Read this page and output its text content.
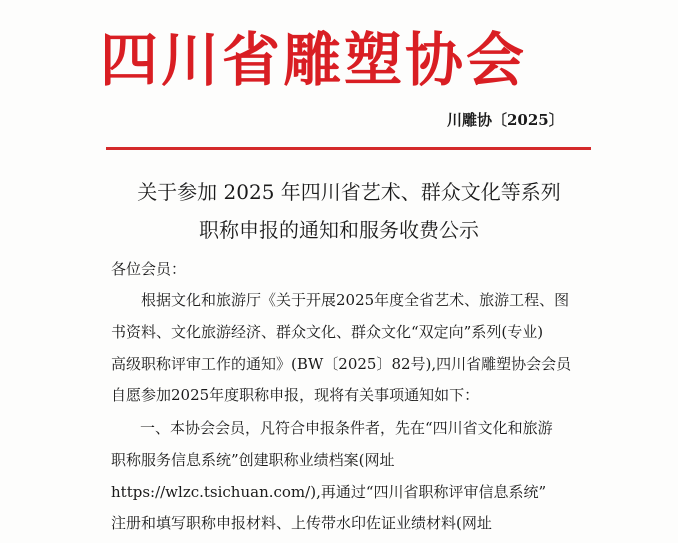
四川省雕塑协会
川雕协〔2025〕
关于参加 2025 年四川省艺术、群众文化等系列
职称申报的通知和服务收费公示
各位会员：
根据文化和旅游厅《关于开展2025年度全省艺术、旅游工程、图
书资料、文化旅游经济、群众文化、群众文化“双定向”系列(专业)
高级职称评审工作的通知》(BW〔2025〕82号),四川省雕塑协会会员
自愿参加2025年度职称申报，现将有关事项通知如下：
一、本协会会员，凡符合申报条件者，先在“四川省文化和旅游
职称服务信息系统”创建职称业绩档案(网址
https://wlzc.tsichuan.com/),再通过“四川省职称评审信息系统”
注册和填写职称申报材料、上传带水印佐证业绩材料(网址
